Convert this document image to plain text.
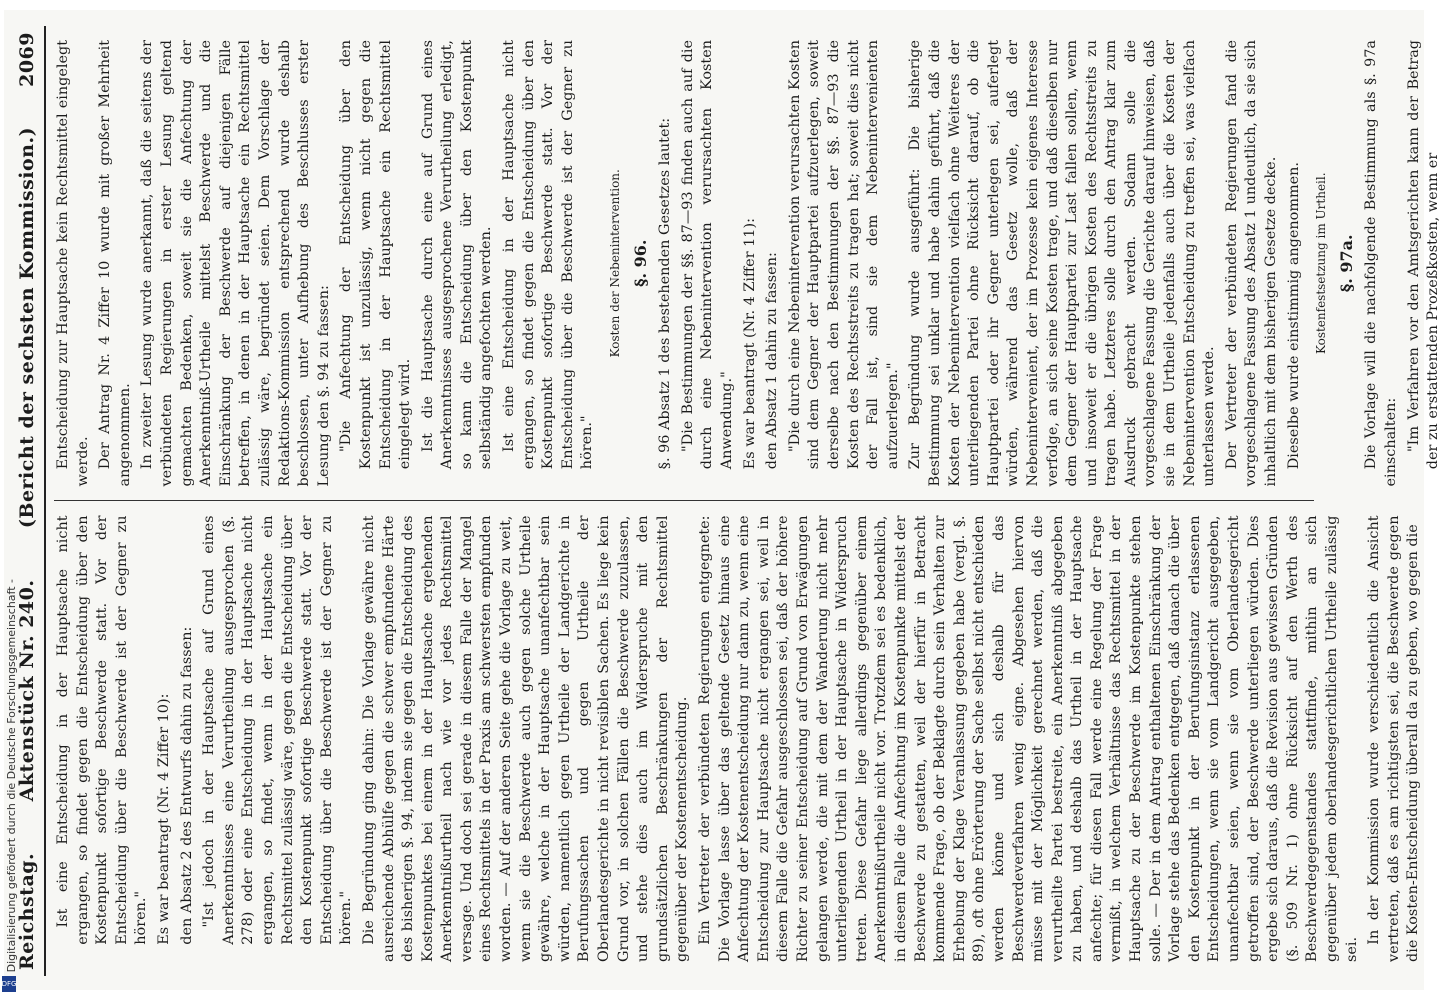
Reichstag.
Aktenstück Nr. 240.
(Bericht der sechsten Kommission.)
2069

Ist eine Entscheidung in der Hauptsache nicht ergangen, so findet gegen die Entscheidung über den Kostenpunkt sofortige Beschwerde statt. Vor der Entscheidung über die Beschwerde ist der Gegner zu hören." Es war beantragt (Nr. 4 Ziffer 10): den Absatz 2 des Entwurfs dahin zu fassen: "Ist jedoch in der Hauptsache auf Grund eines Anerkenntnisses eine Verurtheilung ausgesprochen (§. 278) oder eine Entscheidung in der Hauptsache nicht ergangen, so findet, wenn in der Hauptsache ein Rechtsmittel zulässig wäre, gegen die Entscheidung über den Kostenpunkt sofortige Beschwerde statt. Vor der Entscheidung über die Beschwerde ist der Gegner zu hören." Die Begründung ging dahin: Die Vorlage gewähre nicht ausreichende Abhülfe gegen die schwer empfundene Härte des bisherigen §. 94, indem sie gegen die Entscheidung des Kostenpunktes bei einem in der Hauptsache ergehenden Anerkenntnißurtheil nach wie vor jedes Rechtsmittel versage. Und doch sei gerade in diesem Falle der Mangel eines Rechtsmittels in der Praxis am schwersten empfunden worden. — Auf der anderen Seite gehe die Vorlage zu weit, wenn sie die Beschwerde auch gegen solche Urtheile gewähre, welche in der Hauptsache unanfechtbar sein würden, namentlich gegen Urtheile der Landgerichte in Berufungssachen und gegen Urtheile der Oberlandesgerichte in nicht revisiblen Sachen. Es liege kein Grund vor, in solchen Fällen die Beschwerde zuzulassen, und stehe dies auch im Widerspruche mit den grundsätzlichen Beschränkungen der Rechtsmittel gegenüber der Kostenentscheidung. Ein Vertreter der verbündeten Regierungen entgegnete: Die Vorlage lasse über das geltende Gesetz hinaus eine Anfechtung der Kostenentscheidung nur dann zu, wenn eine Entscheidung zur Hauptsache nicht ergangen sei, weil in diesem Falle die Gefahr ausgeschlossen sei, daß der höhere Richter zu seiner Entscheidung auf Grund von Erwägungen gelangen werde, die mit dem der Wanderung nicht mehr unterliegenden Urtheil in der Hauptsache in Widerspruch treten. Diese Gefahr liege allerdings gegenüber einem Anerkenntnißurtheile nicht vor. Trotzdem sei es bedenklich, in diesem Falle die Anfechtung im Kostenpunkte mittelst der Beschwerde zu gestatten, weil der hierfür in Betracht kommende Frage, ob der Beklagte durch sein Verhalten zur Erhebung der Klage Veranlassung gegeben habe (vergl. §. 89), oft ohne Erörterung der Sache selbst nicht entschieden werden könne und sich deshalb für das Beschwerdeverfahren wenig eigne. Abgesehen hiervon müsse mit der Möglichkeit gerechnet werden, daß die verurtheilte Partei bestreite, ein Anerkenntniß abgegeben zu haben, und deshalb das Urtheil in der Hauptsache anfechte; für diesen Fall werde eine Regelung der Frage vermißt, in welchem Verhältnisse das Rechtsmittel in der Hauptsache zu der Beschwerde im Kostenpunkte stehen solle. — Der in dem Antrag enthaltenen Einschränkung der Vorlage stehe das Bedenken entgegen, daß danach die über den Kostenpunkt in der Berufungsinstanz erlassenen Entscheidungen, wenn sie vom Landgericht ausgegeben, unanfechtbar seien, wenn sie vom Oberlandesgericht getroffen sind, der Beschwerde unterliegen würden. Dies ergebe sich daraus, daß die Revision aus gewissen Gründen (§. 509 Nr. 1) ohne Rücksicht auf den Werth des Beschwerdegegenstandes stattfinde, mithin an sich gegenüber jedem oberlandesgerichtlichen Urtheile zulässig sei.

In der Kommission wurde verschiedentlich die Ansicht vertreten, daß es am richtigsten sei, die Beschwerde gegen die Kosten-Entscheidung überall da zu geben, wo gegen die

Entscheidung zur Hauptsache kein Rechtsmittel eingelegt werde. Der Antrag Nr. 4 Ziffer 10 wurde mit großer Mehrheit angenommen. In zweiter Lesung wurde anerkannt, daß die seitens der verbündeten Regierungen in erster Lesung geltend gemachten Bedenken, soweit sie die Anfechtung der Anerkenntniß-Urtheile mittelst Beschwerde und die Einschränkung der Beschwerde auf diejenigen Fälle betreffen, in denen in der Hauptsache ein Rechtsmittel zulässig wäre, begründet seien. Dem Vorschlage der Redaktions-Kommission entsprechend wurde deshalb beschlossen, unter Aufhebung des Beschlusses erster Lesung den §. 94 zu fassen: "Die Anfechtung der Entscheidung über den Kostenpunkt ist unzulässig, wenn nicht gegen die Entscheidung in der Hauptsache ein Rechtsmittel eingelegt wird. Ist die Hauptsache durch eine auf Grund eines Anerkenntnisses ausgesprochene Verurtheilung erledigt, so kann die Entscheidung über den Kostenpunkt selbständig angefochten werden. Ist eine Entscheidung in der Hauptsache nicht ergangen, so findet gegen die Entscheidung über den Kostenpunkt sofortige Beschwerde statt. Vor der Entscheidung über die Beschwerde ist der Gegner zu hören."

Kosten der Nebenintervention. §. 96. §. 96 Absatz 1 des bestehenden Gesetzes lautet: "Die Bestimmungen der §§. 87—93 finden auch auf die durch eine Nebenintervention verursachten Kosten Anwendung." Es war beantragt (Nr. 4 Ziffer 11): den Absatz 1 dahin zu fassen: "Die durch eine Nebenintervention verursachten Kosten sind dem Gegner der Hauptpartei aufzuerlegen, soweit derselbe nach den Bestimmungen der §§. 87—93 die Kosten des Rechtsstreits zu tragen hat; soweit dies nicht der Fall ist, sind sie dem Nebenintervenienten aufzuerlegen." Zur Begründung wurde ausgeführt: Die bisherige Bestimmung sei unklar und habe dahin geführt, daß die Kosten der Nebenintervention vielfach ohne Weiteres der unterliegenden Partei ohne Rücksicht darauf, ob die Hauptpartei oder ihr Gegner unterlegen sei, auferlegt würden, während das Gesetz wolle, daß der Nebenintervenient, der im Prozesse kein eigenes Interesse verfolge, an sich seine Kosten trage, und daß dieselben nur dem Gegner der Hauptpartei zur Last fallen sollen, wenn und insoweit er die übrigen Kosten des Rechtsstreits zu tragen habe. Letzteres solle durch den Antrag klar zum Ausdruck gebracht werden. Sodann solle die vorgeschlagene Fassung die Gerichte darauf hinweisen, daß sie in dem Urtheile jedenfalls auch über die Kosten der Nebenintervention Entscheidung zu treffen sei, was vielfach unterlassen werde. Der Vertreter der verbündeten Regierungen fand die vorgeschlagene Fassung des Absatz 1 undeutlich, da sie sich inhaltlich mit dem bisherigen Gesetze decke. Dieselbe wurde einstimmig angenommen. Kostenfestsetzung im Urtheil. §. 97a. Die Vorlage will die nachfolgende Bestimmung als §. 97a einschalten: "Im Verfahren vor den Amtsgerichten kann der Betrag der zu erstattenden Prozeßkosten, wenn er

Digitalisierung gefördert durch die Deutsche Forschungsgemeinschaft -
DFG
